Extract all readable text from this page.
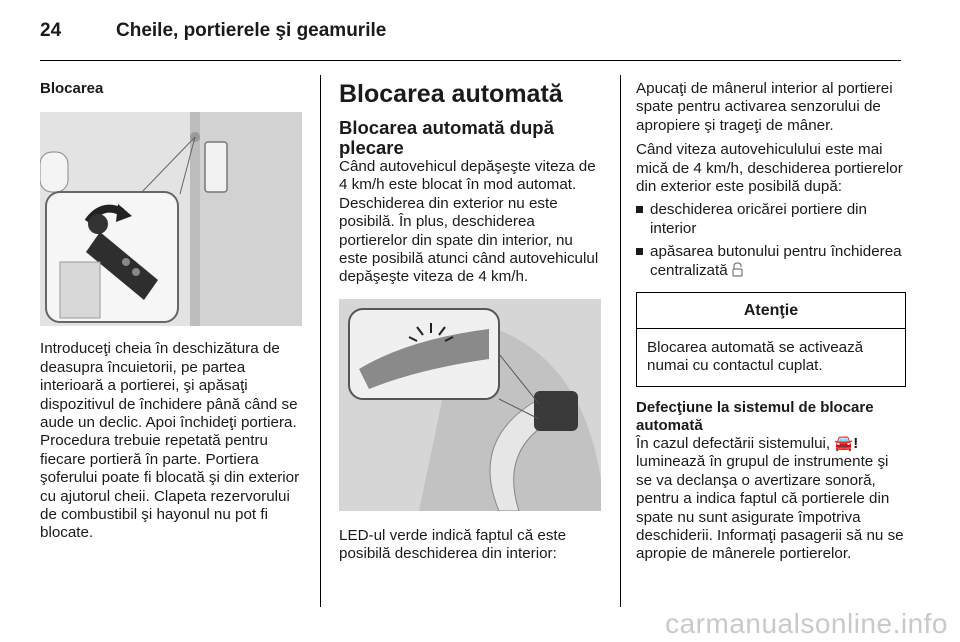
24	Cheile, portierele şi geamurile

Blocarea

Introduceţi cheia în deschizătura de deasupra încuietorii, pe partea interioară a portierei, şi apăsaţi dispozitivul de închidere până când se aude un declic. Apoi închideţi portiera. Procedura trebuie repetată pentru fiecare portieră în parte. Portiera şoferului poate fi blocată şi din exterior cu ajutorul cheii. Clapeta rezervorului de combustibil şi hayonul nu pot fi blocate.

Blocarea automată
Blocarea automată după plecare

Când autovehicul depăşeşte viteza de 4 km/h este blocat în mod automat. Deschiderea din exterior nu este posibilă. În plus, deschiderea portierelor din spate din interior, nu este posibilă atunci când autovehiculul depăşeşte viteza de 4 km/h.

LED-ul verde indică faptul că este posibilă deschiderea din interior:

Apucaţi de mânerul interior al portierei spate pentru activarea senzorului de apropiere şi trageţi de mâner.

Când viteza autovehiculului este mai mică de 4 km/h, deschiderea portierelor din exterior este posibilă după:

deschiderea oricărei portiere din interior
apăsarea butonului pentru închiderea centralizată
Atenţie

Blocarea automată se activează numai cu contactul cuplat.

Defecţiune la sistemul de blocare automată

În cazul defectării sistemului, 🚘! luminează în grupul de instrumente şi se va declanşa o avertizare sonoră, pentru a indica faptul că portierele din spate nu sunt asigurate împotriva deschiderii. Informaţi pasagerii să nu se apropie de mânerele portierelor.

carmanualsonline.info
